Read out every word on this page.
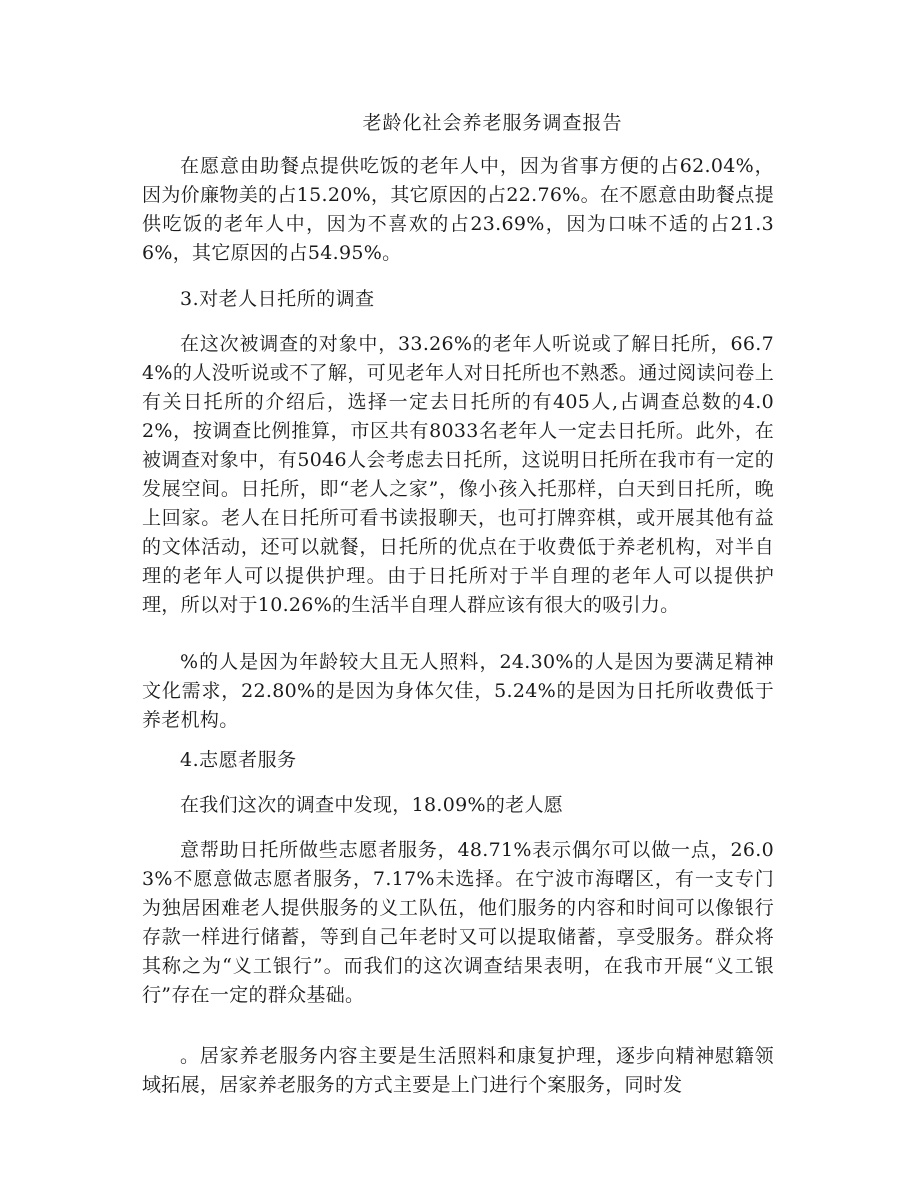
老龄化社会养老服务调查报告

在愿意由助餐点提供吃饭的老年人中，因为省事方便的占62.04%，因为价廉物美的占15.20%，其它原因的占22.76%。在不愿意由助餐点提供吃饭的老年人中，因为不喜欢的占23.69%，因为口味不适的占21.36%，其它原因的占54.95%。

3.对老人日托所的调查

在这次被调查的对象中，33.26%的老年人听说或了解日托所，66.74%的人没听说或不了解，可见老年人对日托所也不熟悉。通过阅读问卷上有关日托所的介绍后，选择一定去日托所的有405人,占调查总数的4.02%，按调查比例推算，市区共有8033名老年人一定去日托所。此外，在被调查对象中，有5046人会考虑去日托所，这说明日托所在我市有一定的发展空间。日托所，即“老人之家”，像小孩入托那样，白天到日托所，晚上回家。老人在日托所可看书读报聊天，也可打牌弈棋，或开展其他有益的文体活动，还可以就餐，日托所的优点在于收费低于养老机构，对半自理的老年人可以提供护理。由于日托所对于半自理的老年人可以提供护理，所以对于10.26%的生活半自理人群应该有很大的吸引力。

%的人是因为年龄较大且无人照料，24.30%的人是因为要满足精神文化需求，22.80%的是因为身体欠佳，5.24%的是因为日托所收费低于养老机构。

4.志愿者服务

在我们这次的调查中发现，18.09%的老人愿

意帮助日托所做些志愿者服务，48.71%表示偶尔可以做一点，26.03%不愿意做志愿者服务，7.17%未选择。在宁波市海曙区，有一支专门为独居困难老人提供服务的义工队伍，他们服务的内容和时间可以像银行存款一样进行储蓄，等到自己年老时又可以提取储蓄，享受服务。群众将其称之为“义工银行”。而我们的这次调查结果表明，在我市开展“义工银行”存在一定的群众基础。

。居家养老服务内容主要是生活照料和康复护理，逐步向精神慰籍领域拓展，居家养老服务的方式主要是上门进行个案服务，同时发
